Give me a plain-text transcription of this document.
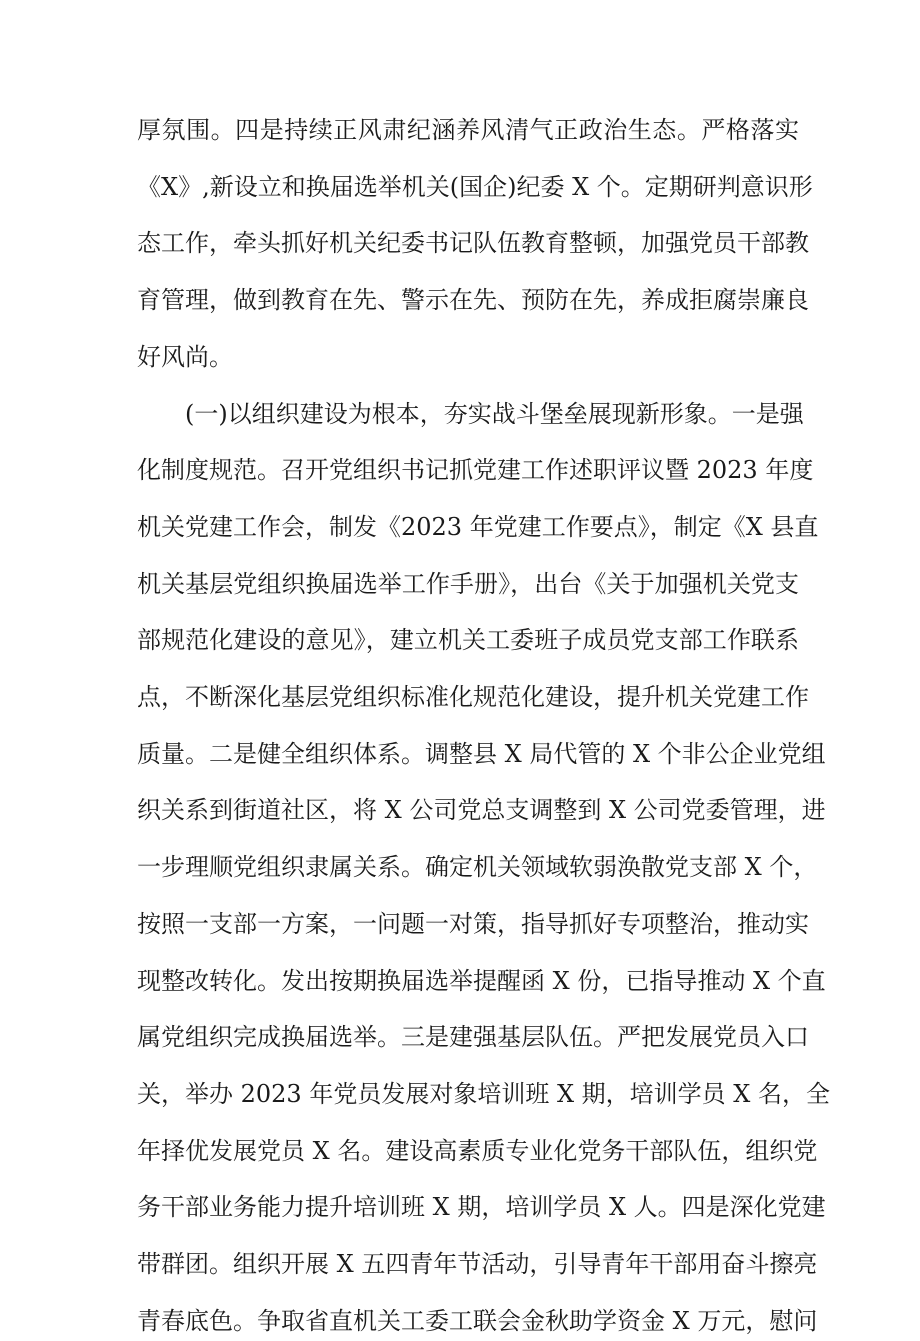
厚氛围。四是持续正风肃纪涵养风清气正政治生态。严格落实
《X》,新设立和换届选举机关(国企)纪委 X 个。定期研判意识形
态工作，牵头抓好机关纪委书记队伍教育整顿，加强党员干部教
育管理，做到教育在先、警示在先、预防在先，养成拒腐崇廉良
好风尚。
(一)以组织建设为根本，夯实战斗堡垒展现新形象。一是强
化制度规范。召开党组织书记抓党建工作述职评议暨 2023 年度
机关党建工作会，制发《2023 年党建工作要点》，制定《X 县直
机关基层党组织换届选举工作手册》，出台《关于加强机关党支
部规范化建设的意见》，建立机关工委班子成员党支部工作联系
点，不断深化基层党组织标准化规范化建设，提升机关党建工作
质量。二是健全组织体系。调整县 X 局代管的 X 个非公企业党组
织关系到街道社区，将 X 公司党总支调整到 X 公司党委管理，进
一步理顺党组织隶属关系。确定机关领域软弱涣散党支部 X 个，
按照一支部一方案，一问题一对策，指导抓好专项整治，推动实
现整改转化。发出按期换届选举提醒函 X 份，已指导推动 X 个直
属党组织完成换届选举。三是建强基层队伍。严把发展党员入口
关，举办 2023 年党员发展对象培训班 X 期，培训学员 X 名，全
年择优发展党员 X 名。建设高素质专业化党务干部队伍，组织党
务干部业务能力提升培训班 X 期，培训学员 X 人。四是深化党建
带群团。组织开展 X 五四青年节活动，引导青年干部用奋斗擦亮
青春底色。争取省直机关工委工联会金秋助学资金 X 万元，慰问
